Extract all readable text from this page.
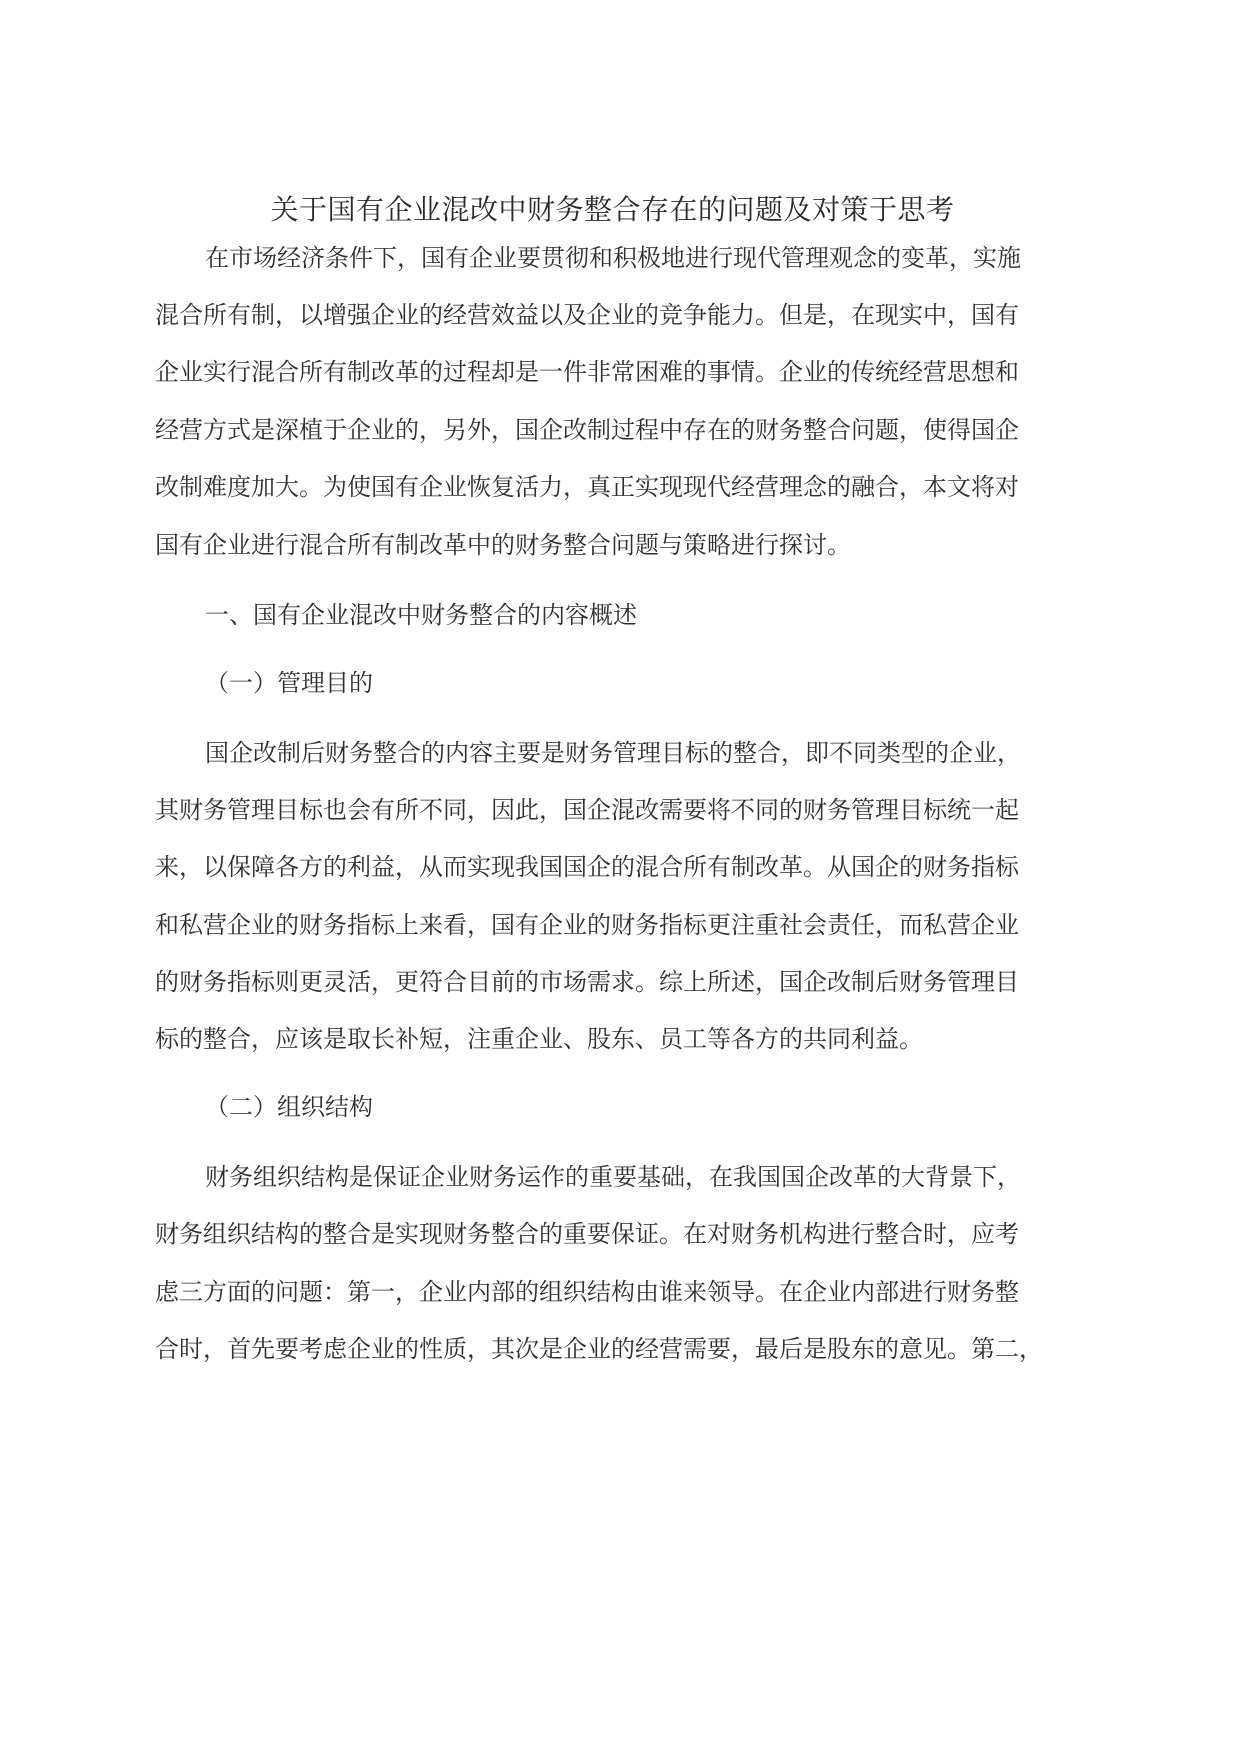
关于国有企业混改中财务整合存在的问题及对策于思考

在市场经济条件下，国有企业要贯彻和积极地进行现代管理观念的变革，实施

混合所有制，以增强企业的经营效益以及企业的竞争能力。但是，在现实中，国有

企业实行混合所有制改革的过程却是一件非常困难的事情。企业的传统经营思想和

经营方式是深植于企业的，另外，国企改制过程中存在的财务整合问题，使得国企

改制难度加大。为使国有企业恢复活力，真正实现现代经营理念的融合，本文将对

国有企业进行混合所有制改革中的财务整合问题与策略进行探讨。

一、国有企业混改中财务整合的内容概述

（一）管理目的

国企改制后财务整合的内容主要是财务管理目标的整合，即不同类型的企业，

其财务管理目标也会有所不同，因此，国企混改需要将不同的财务管理目标统一起

来，以保障各方的利益，从而实现我国国企的混合所有制改革。从国企的财务指标

和私营企业的财务指标上来看，国有企业的财务指标更注重社会责任，而私营企业

的财务指标则更灵活，更符合目前的市场需求。综上所述，国企改制后财务管理目

标的整合，应该是取长补短，注重企业、股东、员工等各方的共同利益。

（二）组织结构

财务组织结构是保证企业财务运作的重要基础，在我国国企改革的大背景下，

财务组织结构的整合是实现财务整合的重要保证。在对财务机构进行整合时，应考

虑三方面的问题：第一，企业内部的组织结构由谁来领导。在企业内部进行财务整

合时，首先要考虑企业的性质，其次是企业的经营需要，最后是股东的意见。第二，
